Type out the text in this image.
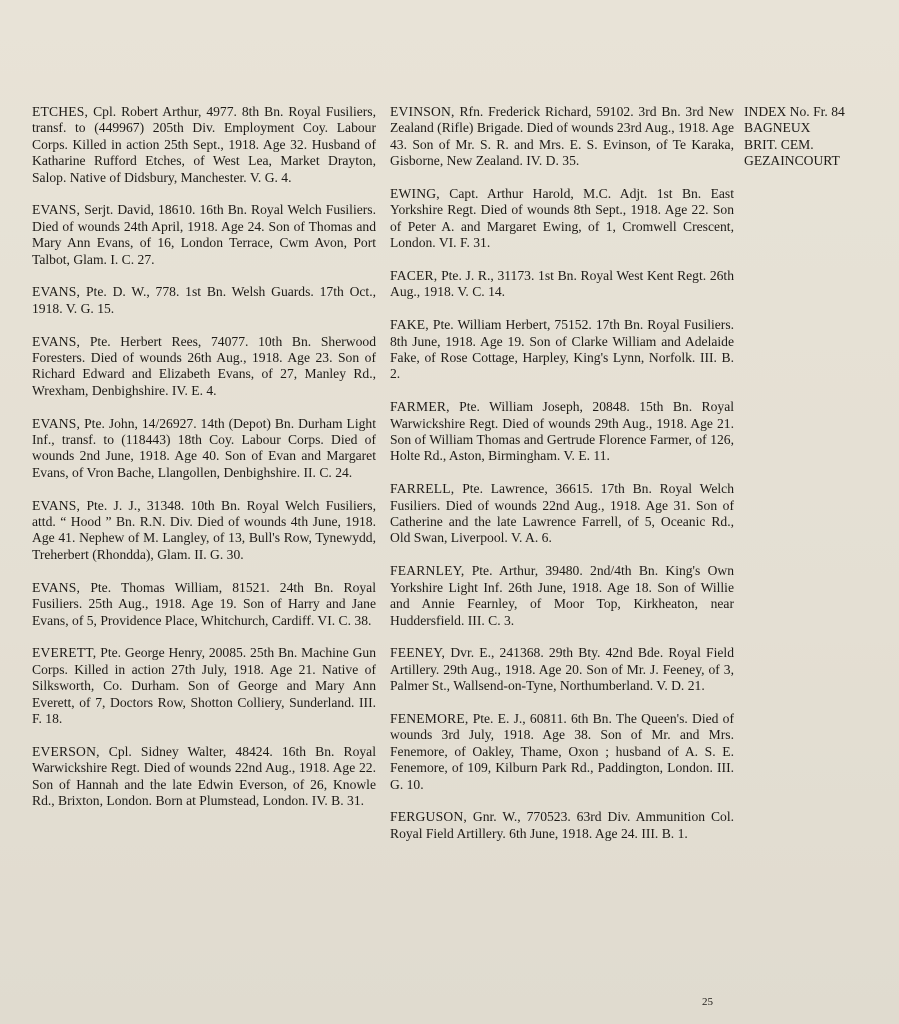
ETCHES, Cpl. Robert Arthur, 4977. 8th Bn. Royal Fusiliers, transf. to (449967) 205th Div. Employment Coy. Labour Corps. Killed in action 25th Sept., 1918. Age 32. Husband of Katharine Rufford Etches, of West Lea, Market Drayton, Salop. Native of Didsbury, Manchester. V. G. 4.

EVANS, Serjt. David, 18610. 16th Bn. Royal Welch Fusiliers. Died of wounds 24th April, 1918. Age 24. Son of Thomas and Mary Ann Evans, of 16, London Terrace, Cwm Avon, Port Talbot, Glam. I. C. 27.

EVANS, Pte. D. W., 778. 1st Bn. Welsh Guards. 17th Oct., 1918. V. G. 15.

EVANS, Pte. Herbert Rees, 74077. 10th Bn. Sherwood Foresters. Died of wounds 26th Aug., 1918. Age 23. Son of Richard Edward and Elizabeth Evans, of 27, Manley Rd., Wrexham, Denbighshire. IV. E. 4.

EVANS, Pte. John, 14/26927. 14th (Depot) Bn. Durham Light Inf., transf. to (118443) 18th Coy. Labour Corps. Died of wounds 2nd June, 1918. Age 40. Son of Evan and Margaret Evans, of Vron Bache, Llangollen, Denbighshire. II. C. 24.

EVANS, Pte. J. J., 31348. 10th Bn. Royal Welch Fusiliers, attd. “ Hood ” Bn. R.N. Div. Died of wounds 4th June, 1918. Age 41. Nephew of M. Langley, of 13, Bull's Row, Tynewydd, Treherbert (Rhondda), Glam. II. G. 30.

EVANS, Pte. Thomas William, 81521. 24th Bn. Royal Fusiliers. 25th Aug., 1918. Age 19. Son of Harry and Jane Evans, of 5, Providence Place, Whitchurch, Cardiff. VI. C. 38.

EVERETT, Pte. George Henry, 20085. 25th Bn. Machine Gun Corps. Killed in action 27th July, 1918. Age 21. Native of Silksworth, Co. Durham. Son of George and Mary Ann Everett, of 7, Doctors Row, Shotton Colliery, Sunderland. III. F. 18.

EVERSON, Cpl. Sidney Walter, 48424. 16th Bn. Royal Warwickshire Regt. Died of wounds 22nd Aug., 1918. Age 22. Son of Hannah and the late Edwin Everson, of 26, Knowle Rd., Brixton, London. Born at Plumstead, London. IV. B. 31.

EVINSON, Rfn. Frederick Richard, 59102. 3rd Bn. 3rd New Zealand (Rifle) Brigade. Died of wounds 23rd Aug., 1918. Age 43. Son of Mr. S. R. and Mrs. E. S. Evinson, of Te Karaka, Gisborne, New Zealand. IV. D. 35.

EWING, Capt. Arthur Harold, M.C. Adjt. 1st Bn. East Yorkshire Regt. Died of wounds 8th Sept., 1918. Age 22. Son of Peter A. and Margaret Ewing, of 1, Cromwell Crescent, London. VI. F. 31.

FACER, Pte. J. R., 31173. 1st Bn. Royal West Kent Regt. 26th Aug., 1918. V. C. 14.

FAKE, Pte. William Herbert, 75152. 17th Bn. Royal Fusiliers. 8th June, 1918. Age 19. Son of Clarke William and Adelaide Fake, of Rose Cottage, Harpley, King's Lynn, Norfolk. III. B. 2.

FARMER, Pte. William Joseph, 20848. 15th Bn. Royal Warwickshire Regt. Died of wounds 29th Aug., 1918. Age 21. Son of William Thomas and Gertrude Florence Farmer, of 126, Holte Rd., Aston, Birmingham. V. E. 11.

FARRELL, Pte. Lawrence, 36615. 17th Bn. Royal Welch Fusiliers. Died of wounds 22nd Aug., 1918. Age 31. Son of Catherine and the late Lawrence Farrell, of 5, Oceanic Rd., Old Swan, Liverpool. V. A. 6.

FEARNLEY, Pte. Arthur, 39480. 2nd/4th Bn. King's Own Yorkshire Light Inf. 26th June, 1918. Age 18. Son of Willie and Annie Fearnley, of Moor Top, Kirkheaton, near Huddersfield. III. C. 3.

FEENEY, Dvr. E., 241368. 29th Bty. 42nd Bde. Royal Field Artillery. 29th Aug., 1918. Age 20. Son of Mr. J. Feeney, of 3, Palmer St., Wallsend-on-Tyne, Northumberland. V. D. 21.

FENEMORE, Pte. E. J., 60811. 6th Bn. The Queen's. Died of wounds 3rd July, 1918. Age 38. Son of Mr. and Mrs. Fenemore, of Oakley, Thame, Oxon ; husband of A. S. E. Fenemore, of 109, Kilburn Park Rd., Paddington, London. III. G. 10.

FERGUSON, Gnr. W., 770523. 63rd Div. Ammunition Col. Royal Field Artillery. 6th June, 1918. Age 24. III. B. 1.

INDEX No. Fr. 84
BAGNEUX
BRIT. CEM.
GEZAINCOURT
25
